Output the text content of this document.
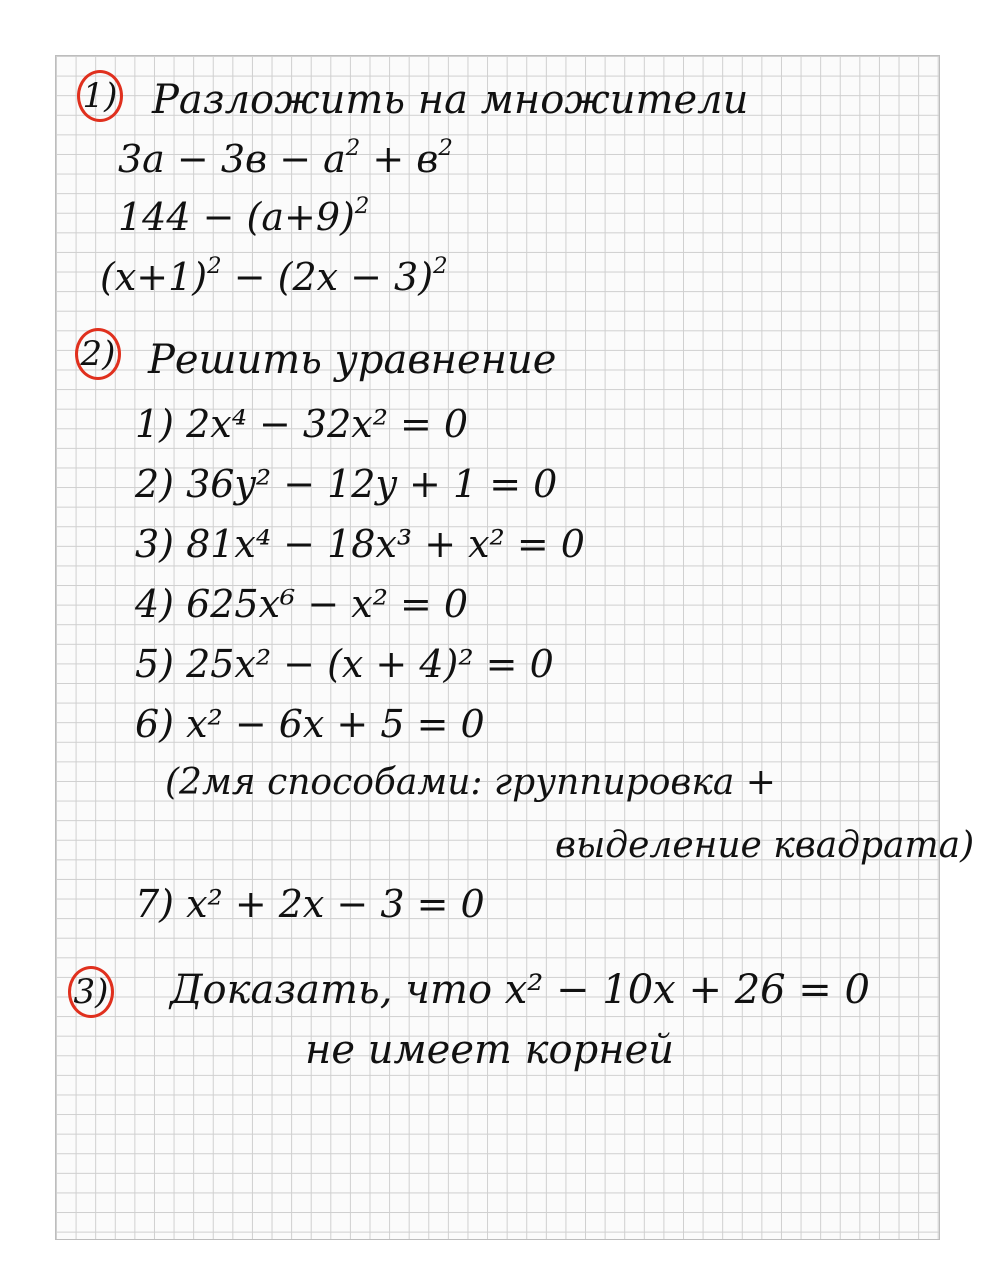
1) Разложить на множители
$3a - 3в - a^2 + в^2$
$144 - (a+9)^2$
$(x+1)^2 - (2x - 3)^2$
2) Решить уравнение
1) 2x⁴ − 32x² = 0
2) 36y² − 12y + 1 = 0
3) 81x⁴ − 18x³ + x² = 0
4) 625x⁶ − x² = 0
5) 25x² − (x + 4)² = 0
6) x² − 6x + 5 = 0
(2мя способами: группировка +
выделение квадрата)
7) x² + 2x − 3 = 0
3) Доказать, что x² − 10x + 26 = 0
не имеет корней
